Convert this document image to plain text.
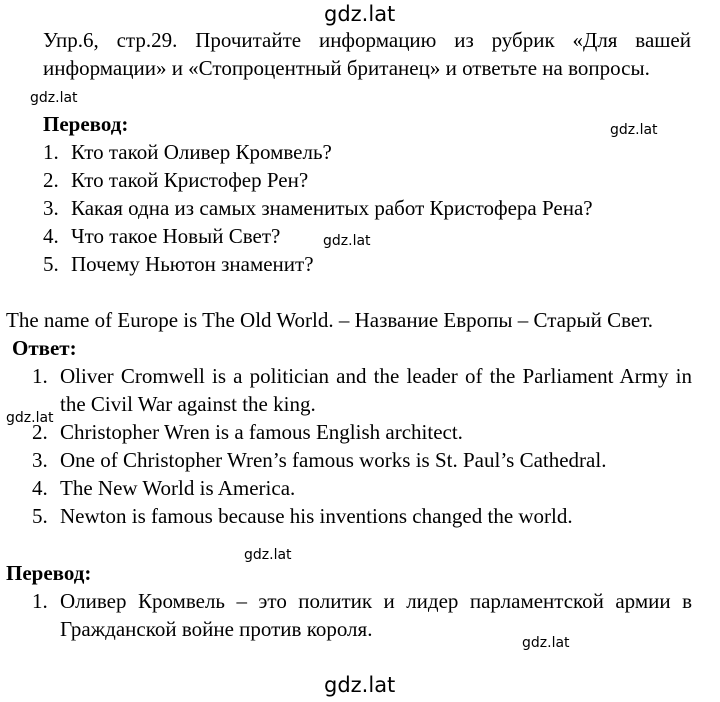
gdz.lat
gdz.lat
gdz.lat
gdz.lat
gdz.lat
gdz.lat
gdz.lat
gdz.lat
Упр.6, стр.29. Прочитайте информацию из рубрик «Для вашей
информации» и «Стопроцентный британец» и ответьте на вопросы.
Перевод:
1. Кто такой Оливер Кромвель?
2. Кто такой Кристофер Рен?
3. Какая одна из самых знаменитых работ Кристофера Рена?
4. Что такое Новый Свет?
5. Почему Ньютон знаменит?
The name of Europe is The Old World. – Название Европы – Старый Свет.
Ответ:
1. Oliver Cromwell is a politician and the leader of the Parliament Army in
the Civil War against the king.
2. Christopher Wren is a famous English architect.
3. One of Christopher Wren’s famous works is St. Paul’s Cathedral.
4. The New World is America.
5. Newton is famous because his inventions changed the world.
Перевод:
1. Оливер Кромвель – это политик и лидер парламентской армии в
Гражданской войне против короля.
